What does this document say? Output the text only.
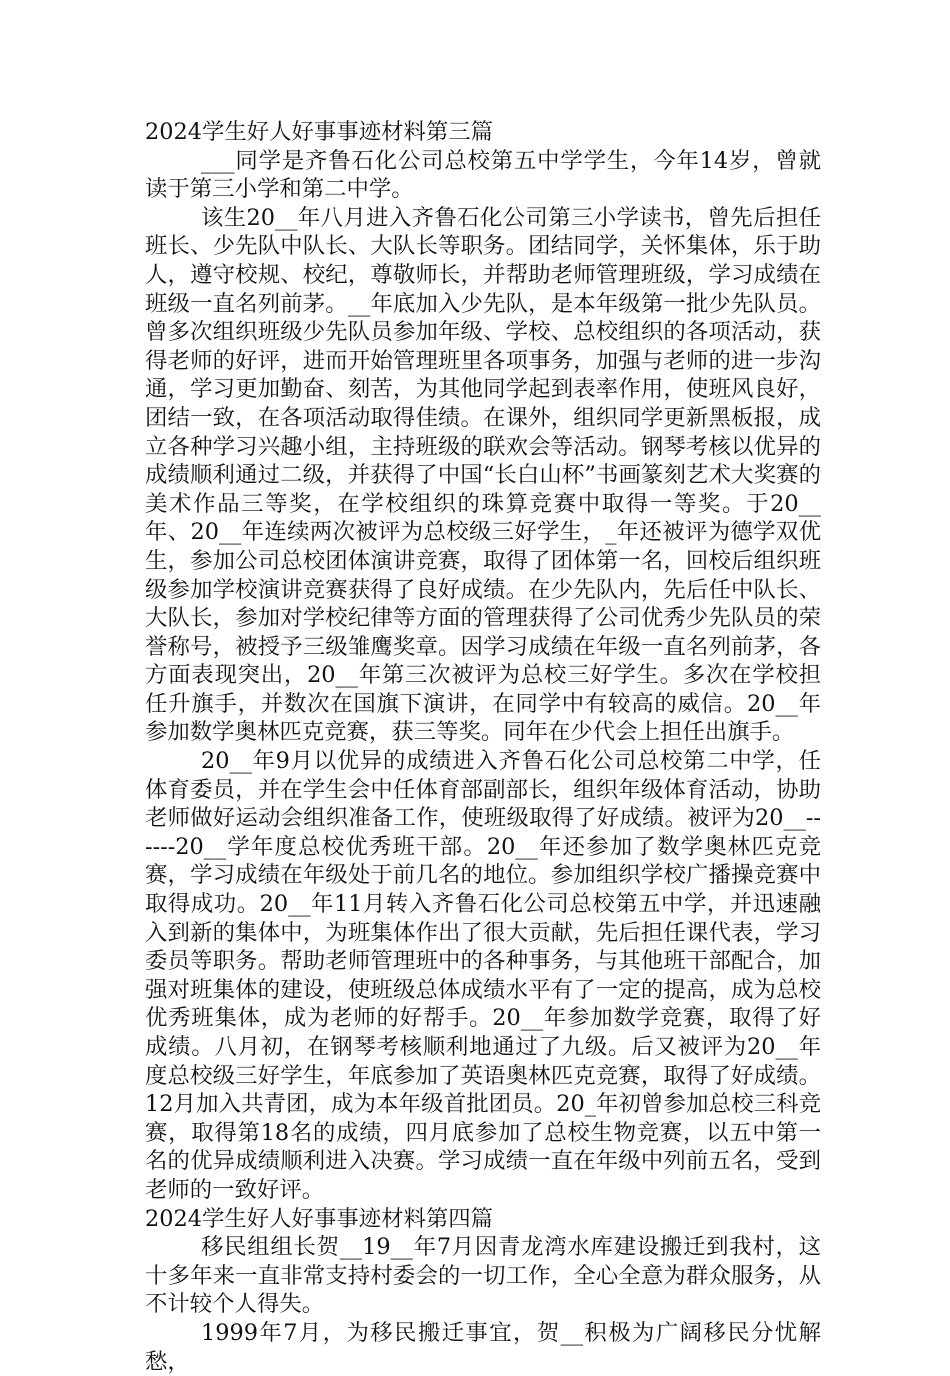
2024学生好人好事事迹材料第三篇

___同学是齐鲁石化公司总校第五中学学生，今年14岁，曾就读于第三小学和第二中学。

该生20__年八月进入齐鲁石化公司第三小学读书，曾先后担任班长、少先队中队长、大队长等职务。团结同学，关怀集体，乐于助人，遵守校规、校纪，尊敬师长，并帮助老师管理班级，学习成绩在班级一直名列前茅。__年底加入少先队，是本年级第一批少先队员。曾多次组织班级少先队员参加年级、学校、总校组织的各项活动，获得老师的好评，进而开始管理班里各项事务，加强与老师的进一步沟通，学习更加勤奋、刻苦，为其他同学起到表率作用，使班风良好，团结一致，在各项活动取得佳绩。在课外，组织同学更新黑板报，成立各种学习兴趣小组，主持班级的联欢会等活动。钢琴考核以优异的成绩顺利通过二级，并获得了中国“长白山杯”书画篆刻艺术大奖赛的美术作品三等奖，在学校组织的珠算竞赛中取得一等奖。于20__年、20__年连续两次被评为总校级三好学生，_年还被评为德学双优生，参加公司总校团体演讲竞赛，取得了团体第一名，回校后组织班级参加学校演讲竞赛获得了良好成绩。在少先队内，先后任中队长、大队长，参加对学校纪律等方面的管理获得了公司优秀少先队员的荣誉称号，被授予三级雏鹰奖章。因学习成绩在年级一直名列前茅，各方面表现突出，20__年第三次被评为总校三好学生。多次在学校担任升旗手，并数次在国旗下演讲，在同学中有较高的威信。20__年参加数学奥林匹克竞赛，获三等奖。同年在少代会上担任出旗手。

20__年9月以优异的成绩进入齐鲁石化公司总校第二中学，任体育委员，并在学生会中任体育部副部长，组织年级体育活动，协助老师做好运动会组织准备工作，使班级取得了好成绩。被评为20__------20__学年度总校优秀班干部。20__年还参加了数学奥林匹克竞赛，学习成绩在年级处于前几名的地位。参加组织学校广播操竞赛中取得成功。20__年11月转入齐鲁石化公司总校第五中学，并迅速融入到新的集体中，为班集体作出了很大贡献，先后担任课代表，学习委员等职务。帮助老师管理班中的各种事务，与其他班干部配合，加强对班集体的建设，使班级总体成绩水平有了一定的提高，成为总校优秀班集体，成为老师的好帮手。20__年参加数学竞赛，取得了好成绩。八月初，在钢琴考核顺利地通过了九级。后又被评为20__年度总校级三好学生，年底参加了英语奥林匹克竞赛，取得了好成绩。12月加入共青团，成为本年级首批团员。20_年初曾参加总校三科竞赛，取得第18名的成绩，四月底参加了总校生物竞赛，以五中第一名的优异成绩顺利进入决赛。学习成绩一直在年级中列前五名，受到老师的一致好评。

2024学生好人好事事迹材料第四篇

移民组组长贺__19__年7月因青龙湾水库建设搬迁到我村，这十多年来一直非常支持村委会的一切工作，全心全意为群众服务，从不计较个人得失。

1999年7月，为移民搬迁事宜，贺__积极为广阔移民分忧解愁，
